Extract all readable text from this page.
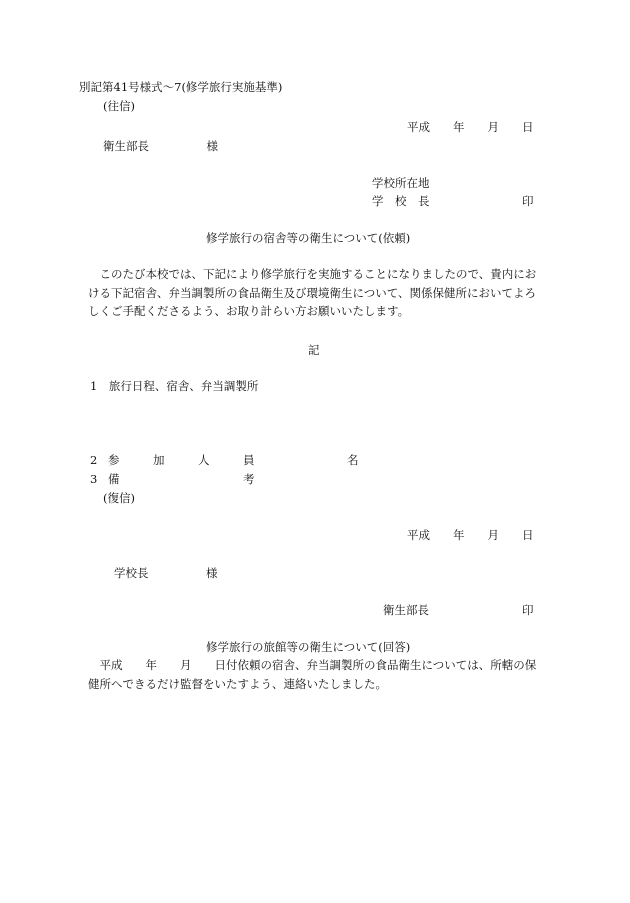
別記第41号様式〜7(修学旅行実施基準)
(往信)
平成　　年　　月　　日
衛生部長　　　　　様
学校所在地
学　校　長	印
修学旅行の宿舎等の衛生について(依頼)
　このたび本校では、下記により修学旅行を実施することになりましたので、貴内にお
ける下記宿舎、弁当調製所の食品衛生及び環境衛生について、関係保健所においてよろ
しくご手配くださるよう、お取り計らい方お願いいたします。
記
1　旅行日程、宿舎、弁当調製所
2 参	加	人	員	名
3 備	考
(復信)
平成　　年　　月　　日
学校長　　　　　様
衛生部長	印
修学旅行の旅館等の衛生について(回答)
　平成　　年　　月　　日付依頼の宿舎、弁当調製所の食品衛生については、所轄の保
健所へできるだけ監督をいたすよう、連絡いたしました。
